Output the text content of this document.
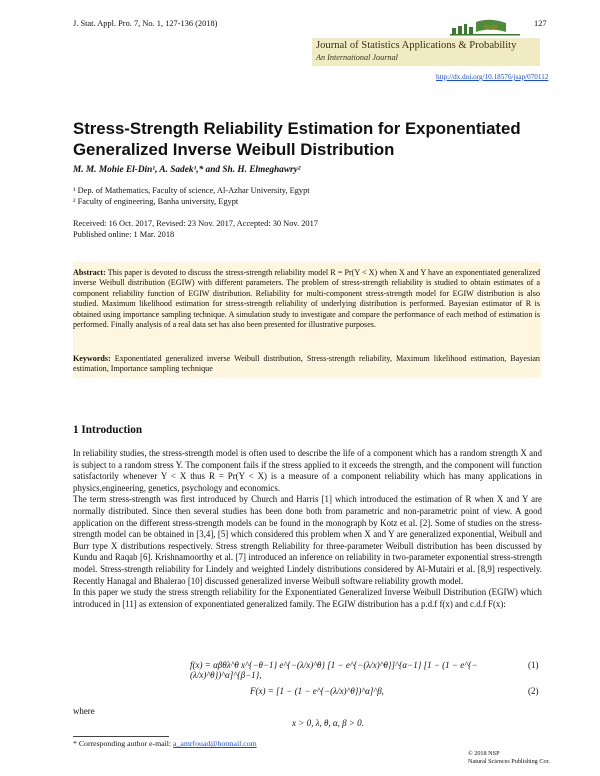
J. Stat. Appl. Pro. 7, No. 1, 127-136 (2018)	NSP	127
Journal of Statistics Applications & Probability
An International Journal
http://dx.doi.org/10.18576/jsap/070112
Stress-Strength Reliability Estimation for Exponentiated Generalized Inverse Weibull Distribution
M. M. Mohie El-Din¹, A. Sadek¹,* and Sh. H. Elmeghawry²
¹ Dep. of Mathematics, Faculty of science, Al-Azhar University, Egypt
² Faculty of engineering, Banha university, Egypt
Received: 16 Oct. 2017, Revised: 23 Nov. 2017, Accepted: 30 Nov. 2017
Published online: 1 Mar. 2018
Abstract: This paper is devoted to discuss the stress-strength reliability model R = Pr(Y < X) when X and Y have an exponentiated generalized inverse Weibull distribution (EGIW) with different parameters. The problem of stress-strength reliability is studied to obtain estimates of a component reliability function of EGIW distribution. Reliability for multi-component stress-strength model for EGIW distribution is also studied. Maximum likelihood estimation for stress-strength reliability of underlying distribution is performed. Bayesian estimator of R is obtained using importance sampling technique. A simulation study to investigate and compare the performance of each method of estimation is performed. Finally analysis of a real data set has also been presented for illustrative purposes.
Keywords: Exponentiated generalized inverse Weibull distribution, Stress-strength reliability, Maximum likelihood estimation, Bayesian estimation, Importance sampling technique
1 Introduction
In reliability studies, the stress-strength model is often used to describe the life of a component which has a random strength X and is subject to a random stress Y. The component fails if the stress applied to it exceeds the strength, and the component will function satisfactorily whenever Y < X thus R = Pr(Y < X) is a measure of a component reliability which has many applications in physics,engineering, genetics, psychology and economics.
The term stress-strength was first introduced by Church and Harris [1] which introduced the estimation of R when X and Y are normally distributed. Since then several studies has been done both from parametric and non-parametric point of view. A good application on the different stress-strength models can be found in the monograph by Kotz et al. [2]. Some of studies on the stress-strength model can be obtained in [3,4], [5] which considered this problem when X and Y are generalized exponential, Weibull and Burr type X distributions respectively. Stress strength Reliability for three-parameter Weibull distribution has been discussed by Kundu and Raqab [6]. Krishnamoorthy et al. [7] introduced an inference on reliability in two-parameter exponential stress-strength model. Stress-strength reliability for Lindely and weighted Lindely distributions considered by Al-Mutairi et al. [8,9] respectively. Recently Hanagal and Bhalerao [10] discussed generalized inverse Weibull software reliability growth model.
In this paper we study the stress strength reliability for the Exponentiated Generalized Inverse Weibull Distribution (EGIW) which introduced in [11] as extension of exponentiated generalized family. The EGIW distribution has a p.d.f f(x) and c.d.f F(x):
f(x) = αβθλ^θ x^{−θ−1} e^{−(λ/x)^θ} [1 − e^{−(λ/x)^θ}]^{α−1} [1 − (1 − e^{−(λ/x)^θ})^α]^{β−1},
(1)
F(x) = [1 − (1 − e^{−(λ/x)^θ})^α]^β,	(2)
where
x > 0, λ, θ, α, β > 0.
* Corresponding author e-mail: a_amrfouad@hotmail.com
© 2018 NSP
Natural Sciences Publishing Cor.
